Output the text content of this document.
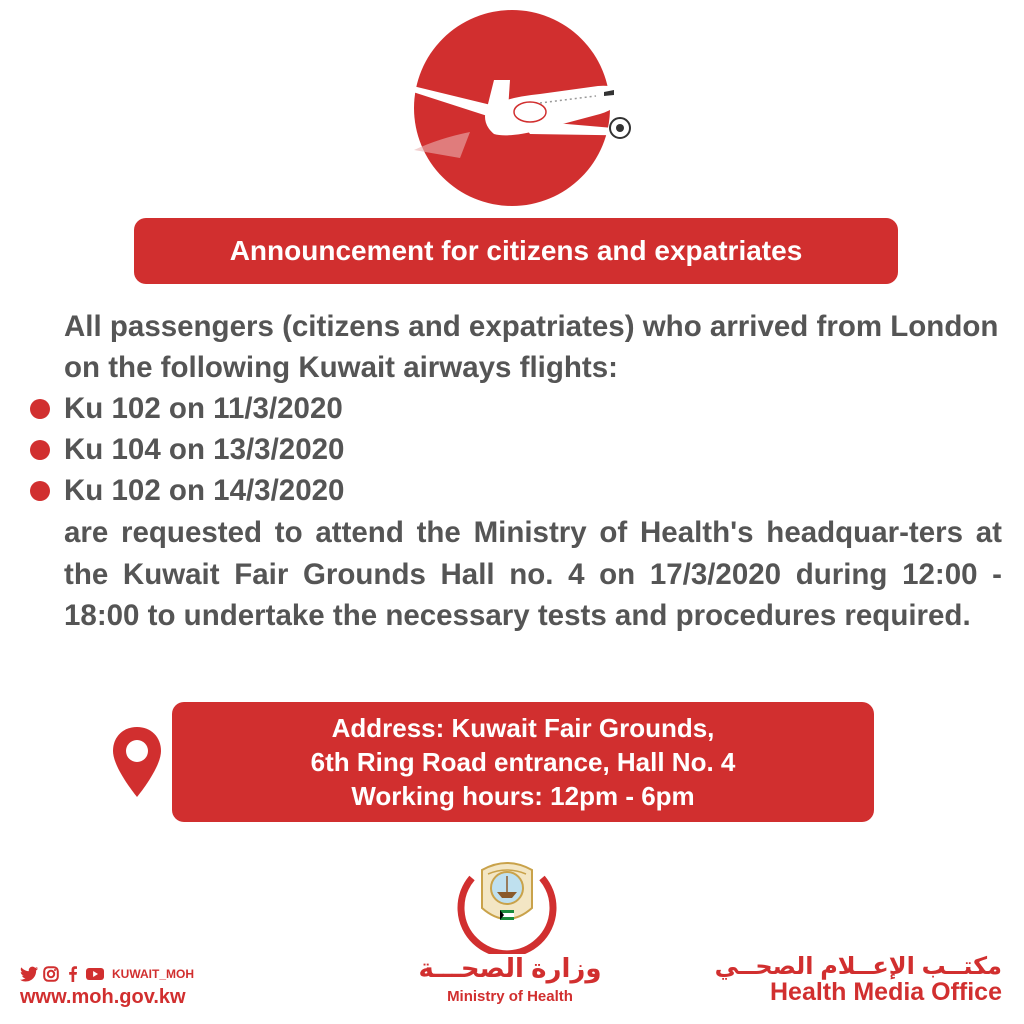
Announcement for citizens and expatriates

All passengers (citizens and expatriates) who arrived from London on the following Kuwait airways flights:

Ku 102 on 11/3/2020
Ku 104 on 13/3/2020
Ku 102 on 14/3/2020

are requested to attend the Ministry of Health's headquar-ters at the Kuwait Fair Grounds Hall no. 4 on 17/3/2020 during 12:00 - 18:00 to undertake the necessary tests and procedures required.

Address: Kuwait Fair Grounds,
6th Ring Road entrance, Hall No. 4
Working hours: 12pm - 6pm
وزارة الصحـــة
Ministry of Health
KUWAIT_MOH
www.moh.gov.kw
مكتــب الإعــلام الصحــي
Health Media Office
